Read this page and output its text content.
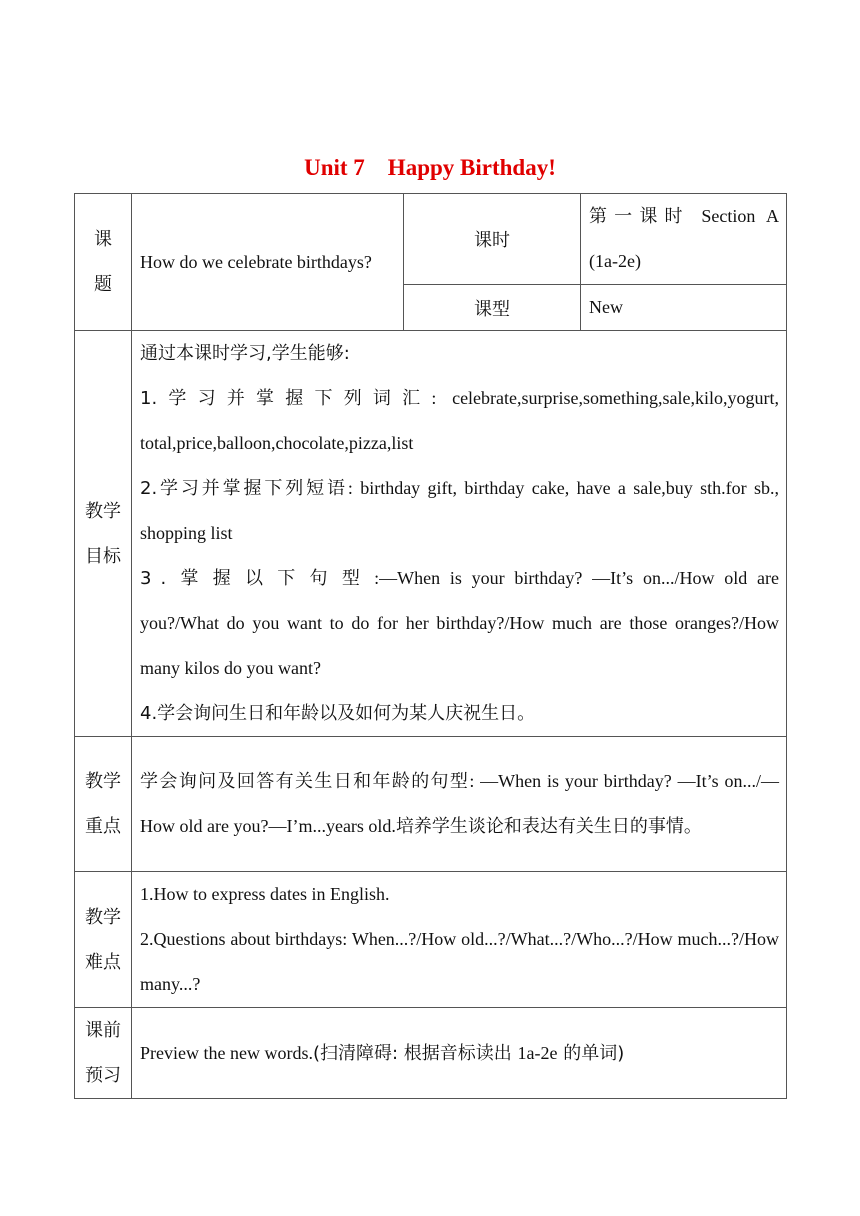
Unit 7    Happy Birthday!
课题	How do we celebrate birthdays?	课时	第一课时 Section A
(1a-2e)

		课型	New

教学目标	通过本课时学习,学生能够:

1.学习并掌握下列词汇: celebrate,surprise,something,sale,kilo,yogurt, total,price,balloon,chocolate,pizza,list

2.学习并掌握下列短语: birthday gift, birthday cake, have a sale,buy sth.for sb., shopping list

3.掌握以下句型:—When is your birthday? —It’s on.../How old are you?/What do you want to do for her birthday?/How much are those oranges?/How many kilos do you want?

4.学会询问生日和年龄以及如何为某人庆祝生日。		

教学重点	学会询问及回答有关生日和年龄的句型: —When is your birthday? —It’s on.../—How old are you?—I’m...years old.培养学生谈论和表达有关生日的事情。		

教学难点	1.How to express dates in English.

2.Questions about birthdays: When...?/How old...?/What...?/Who...?/How much...?/How many...?		

课前预习	Preview the new words.(扫清障碍: 根据音标读出 1a-2e 的单词)		
